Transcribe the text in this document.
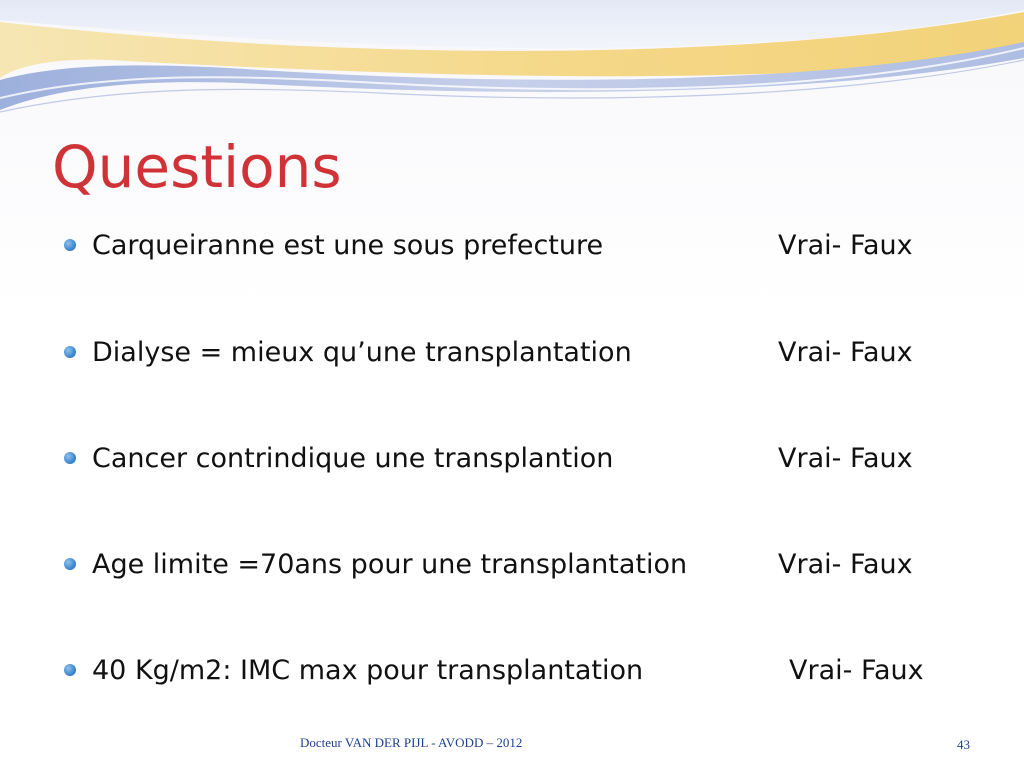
Questions
Carqueiranne est une sous prefecture	Vrai- Faux
Dialyse = mieux qu’une transplantation	Vrai- Faux
Cancer contrindique une transplantion	Vrai- Faux
Age limite =70ans pour une transplantation	Vrai- Faux
40 Kg/m2: IMC max pour transplantation	Vrai- Faux
Docteur VAN DER PIJL - AVODD – 2012	43
